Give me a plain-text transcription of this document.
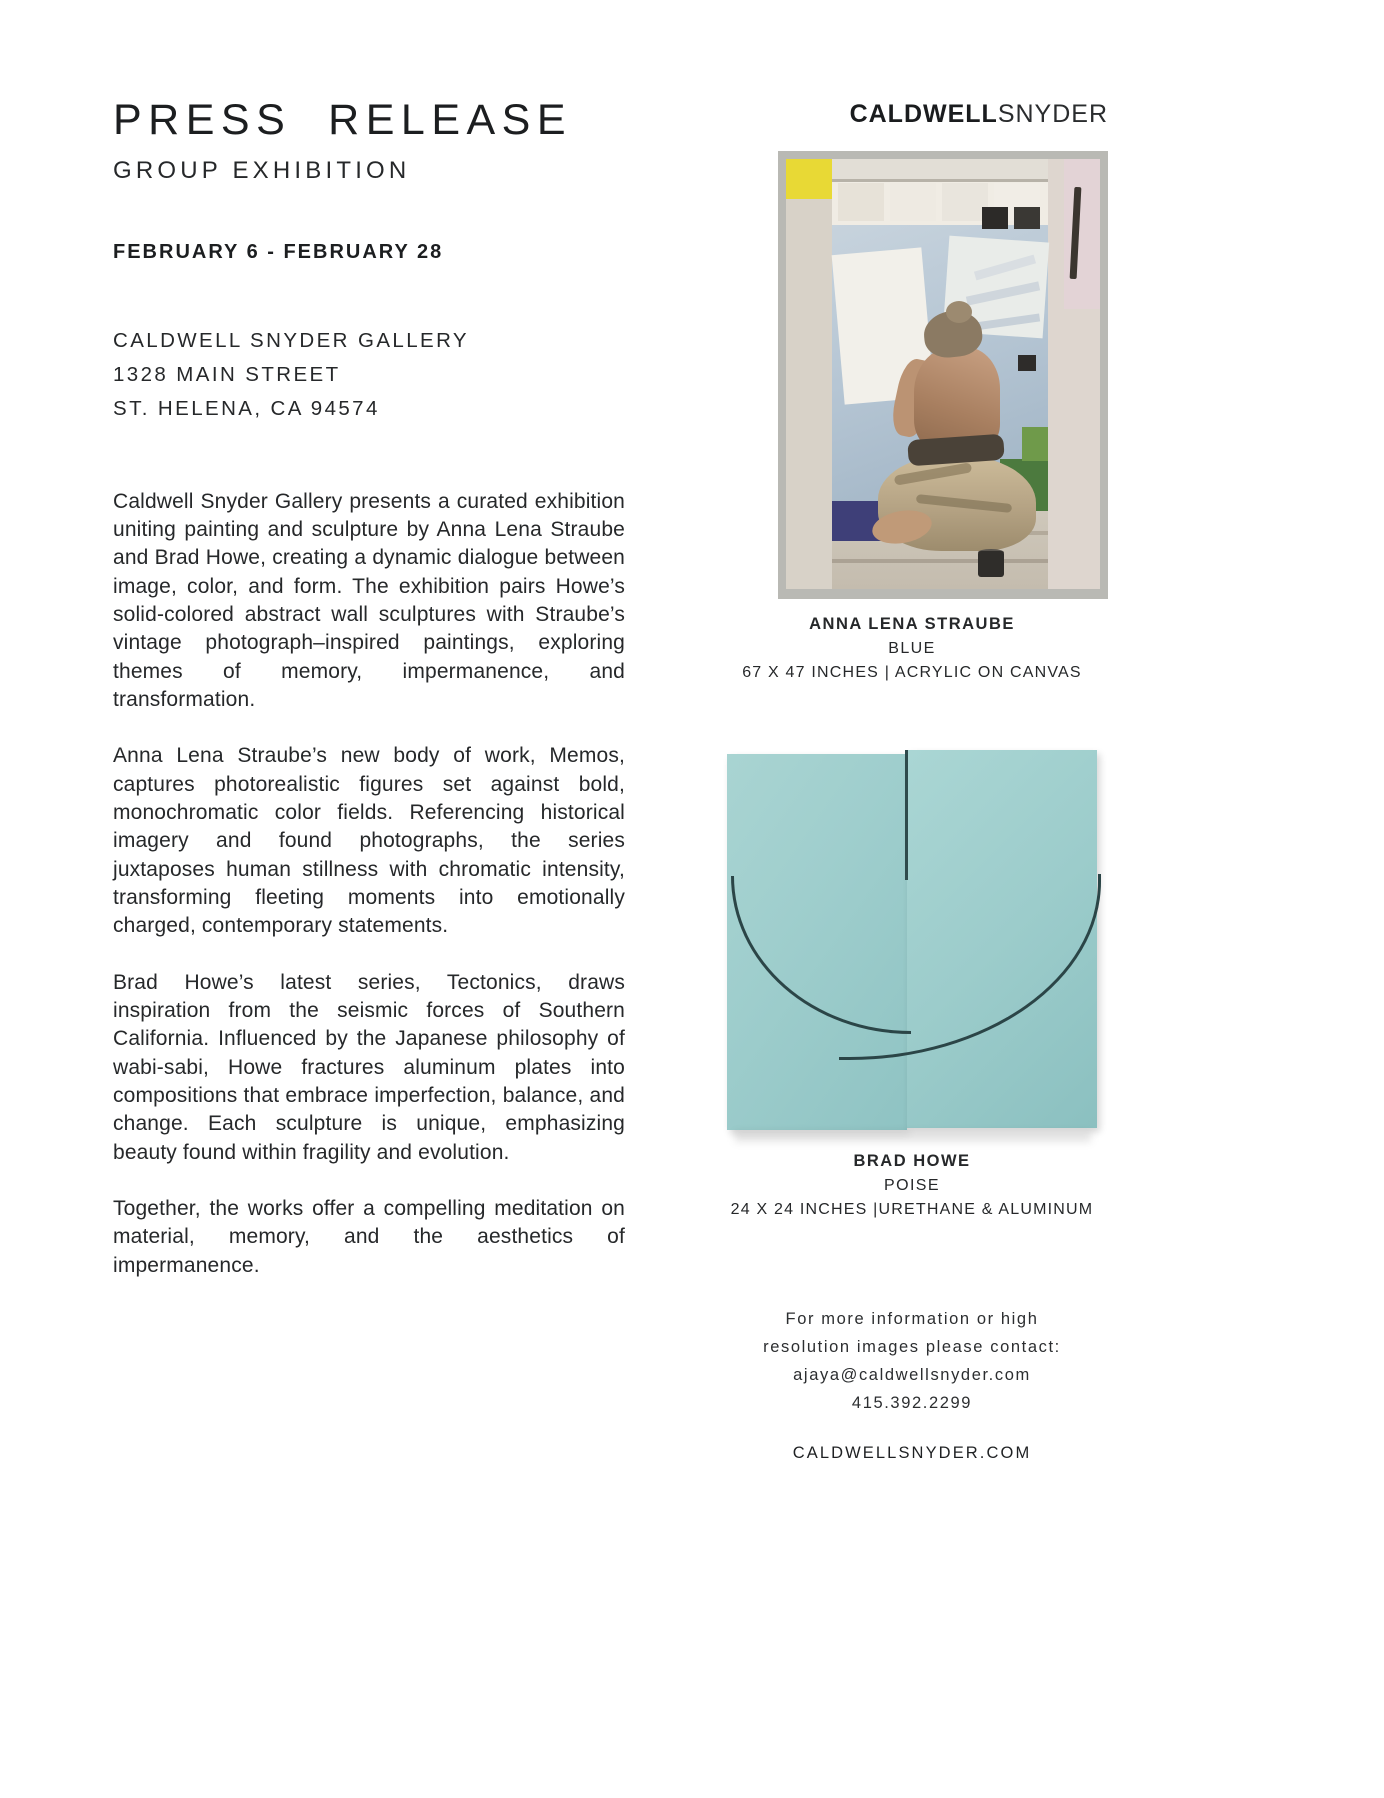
PRESS  RELEASE
GROUP EXHIBITION
FEBRUARY 6 - FEBRUARY 28
CALDWELL SNYDER GALLERY
1328 MAIN STREET
ST. HELENA, CA 94574

Caldwell Snyder Gallery presents a curated exhibition uniting painting and sculpture by Anna Lena Straube and Brad Howe, creating a dynamic dialogue between image, color, and form. The exhibition pairs Howe’s solid-colored abstract wall sculptures with Straube’s vintage photograph–inspired paintings, exploring themes of memory, impermanence, and transformation.

Anna Lena Straube’s new body of work, Memos, captures photorealistic figures set against bold, monochromatic color fields. Referencing historical imagery and found photographs, the series juxtaposes human stillness with chromatic intensity, transforming fleeting moments into emotionally charged, contemporary statements.

Brad Howe’s latest series, Tectonics, draws inspiration from the seismic forces of Southern California. Influenced by the Japanese philosophy of wabi-sabi, Howe fractures aluminum plates into compositions that embrace imperfection, balance, and change. Each sculpture is unique, emphasizing beauty found within fragility and evolution.

Together, the works offer a compelling meditation on material, memory, and the aesthetics of impermanence.

CALDWELLSNYDER
ANNA LENA STRAUBE
BLUE
67 X 47 INCHES | ACRYLIC ON CANVAS
BRAD HOWE
POISE
24 X 24 INCHES |URETHANE & ALUMINUM
For more information or high
resolution images please contact:
ajaya@caldwellsnyder.com
415.392.2299
CALDWELLSNYDER.COM
